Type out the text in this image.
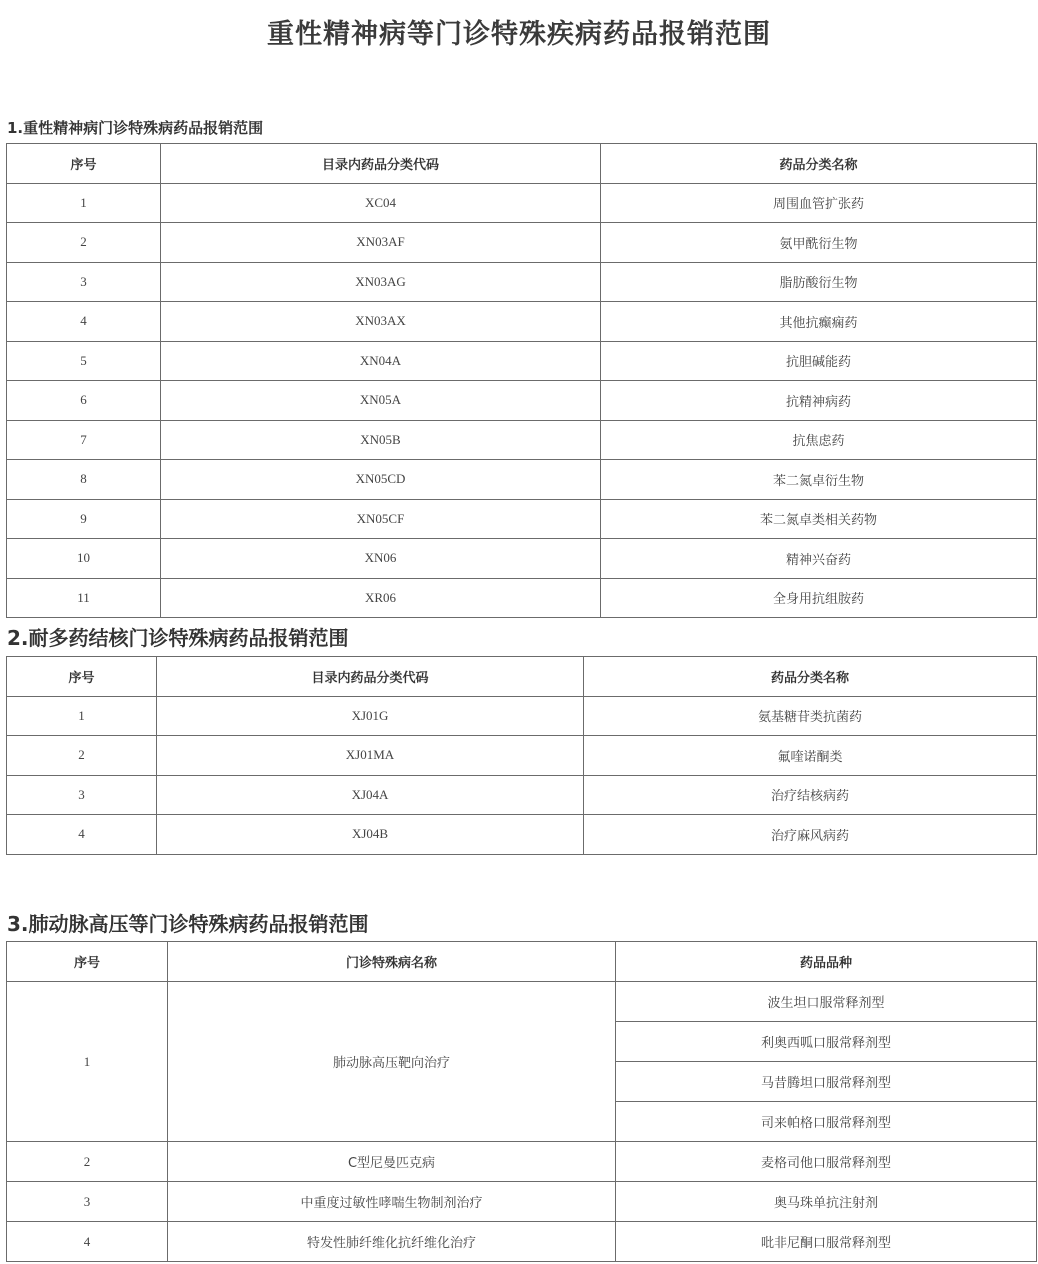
重性精神病等门诊特殊疾病药品报销范围
1.重性精神病门诊特殊病药品报销范围
序号	目录内药品分类代码	药品分类名称
1	XC04	周围血管扩张药
2	XN03AF	氨甲酰衍生物
3	XN03AG	脂肪酸衍生物
4	XN03AX	其他抗癫痫药
5	XN04A	抗胆碱能药
6	XN05A	抗精神病药
7	XN05B	抗焦虑药
8	XN05CD	苯二氮卓衍生物
9	XN05CF	苯二氮卓类相关药物
10	XN06	精神兴奋药
11	XR06	全身用抗组胺药
2.耐多药结核门诊特殊病药品报销范围
序号	目录内药品分类代码	药品分类名称
1	XJ01G	氨基糖苷类抗菌药
2	XJ01MA	氟喹诺酮类
3	XJ04A	治疗结核病药
4	XJ04B	治疗麻风病药
3.肺动脉高压等门诊特殊病药品报销范围
序号	门诊特殊病名称	药品品种
1	肺动脉高压靶向治疗	波生坦口服常释剂型
		利奥西呱口服常释剂型
		马昔腾坦口服常释剂型
		司来帕格口服常释剂型
2	C型尼曼匹克病	麦格司他口服常释剂型
3	中重度过敏性哮喘生物制剂治疗	奥马珠单抗注射剂
4	特发性肺纤维化抗纤维化治疗	吡非尼酮口服常释剂型
